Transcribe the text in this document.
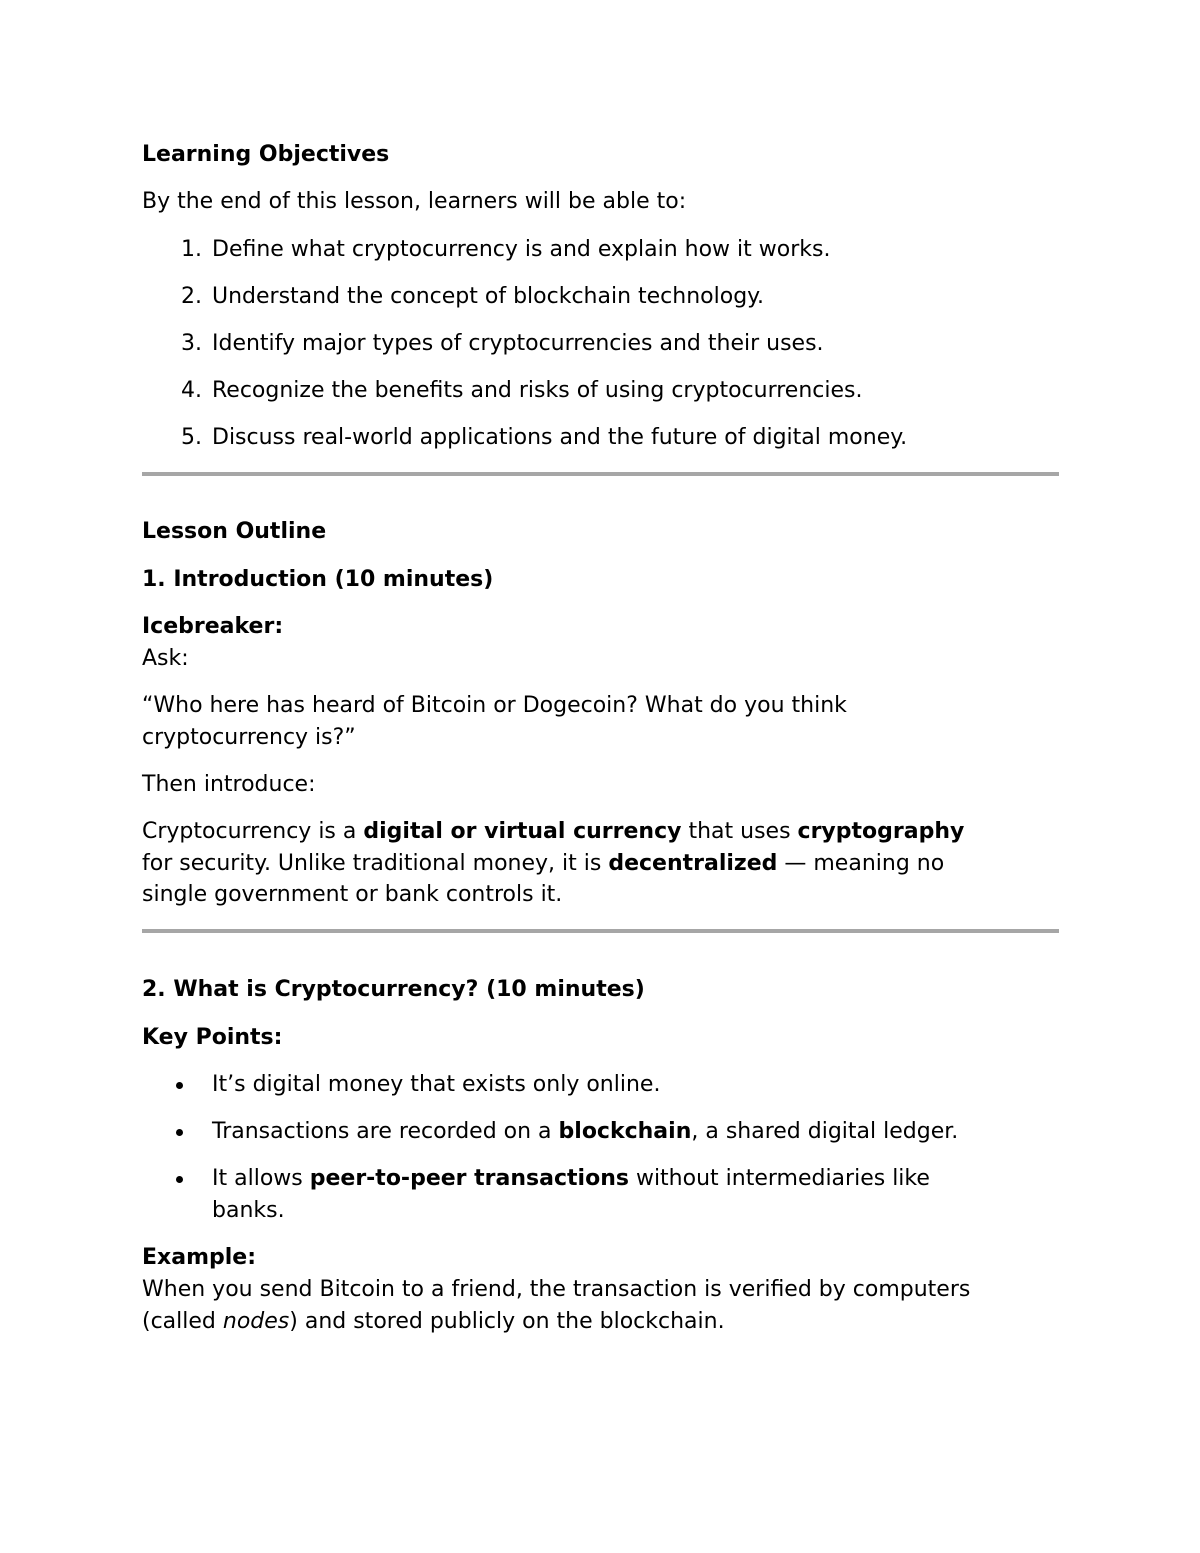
Learning Objectives
By the end of this lesson, learners will be able to:
1. Define what cryptocurrency is and explain how it works.
2. Understand the concept of blockchain technology.
3. Identify major types of cryptocurrencies and their uses.
4. Recognize the benefits and risks of using cryptocurrencies.
5. Discuss real-world applications and the future of digital money.
Lesson Outline
1. Introduction (10 minutes)
Icebreaker:
Ask:
“Who here has heard of Bitcoin or Dogecoin? What do you think
cryptocurrency is?”
Then introduce:
Cryptocurrency is a digital or virtual currency that uses cryptography
for security. Unlike traditional money, it is decentralized — meaning no
single government or bank controls it.
2. What is Cryptocurrency? (10 minutes)
Key Points:
It’s digital money that exists only online.
Transactions are recorded on a blockchain, a shared digital ledger.
It allows peer-to-peer transactions without intermediaries like
banks.
Example:
When you send Bitcoin to a friend, the transaction is verified by computers
(called nodes) and stored publicly on the blockchain.
